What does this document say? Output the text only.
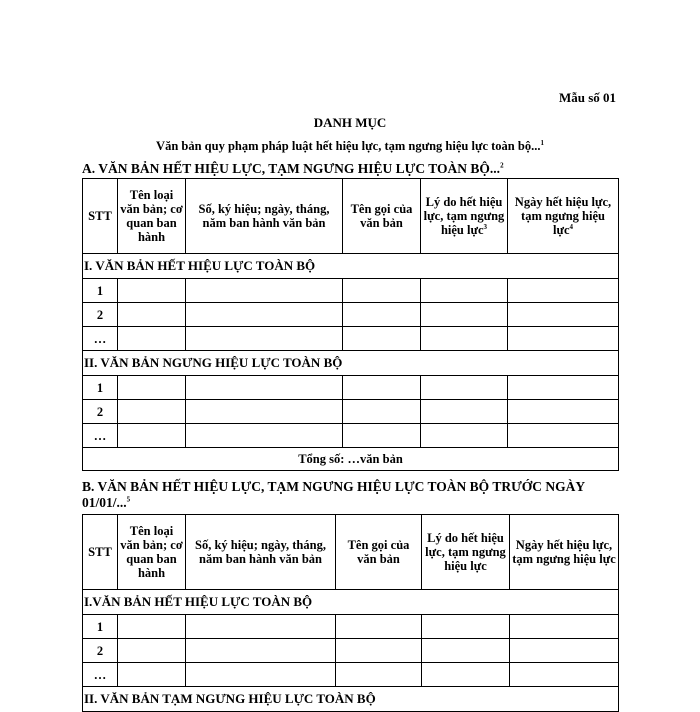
Mẫu số 01
DANH MỤC
Văn bản quy phạm pháp luật hết hiệu lực, tạm ngưng hiệu lực toàn bộ...$^1$
A. VĂN BẢN HẾT HIỆU LỰC, TẠM NGƯNG HIỆU LỰC TOÀN BỘ...$^2$
STT	Tên loại văn bản; cơ quan ban hành	Số, ký hiệu; ngày, tháng, năm ban hành văn bản	Tên gọi của văn bản	Lý do hết hiệu lực, tạm ngưng hiệu lực$^3$	Ngày hết hiệu lực, tạm ngưng hiệu lực$^4$
I. VĂN BẢN HẾT HIỆU LỰC TOÀN BỘ					
1					
2					
…					
II. VĂN BẢN NGƯNG HIỆU LỰC TOÀN BỘ					
1					
2					
…					
Tổng số: …văn bản					
B. VĂN BẢN HẾT HIỆU LỰC, TẠM NGƯNG HIỆU LỰC TOÀN BỘ TRƯỚC NGÀY 01/01/...$^5$
STT	Tên loại văn bản; cơ quan ban hành	Số, ký hiệu; ngày, tháng, năm ban hành văn bản	Tên gọi của văn bản	Lý do hết hiệu lực, tạm ngưng hiệu lực	Ngày hết hiệu lực, tạm ngưng hiệu lực
I.VĂN BẢN HẾT HIỆU LỰC TOÀN BỘ					
1					
2					
…					
II. VĂN BẢN TẠM NGƯNG HIỆU LỰC TOÀN BỘ					
